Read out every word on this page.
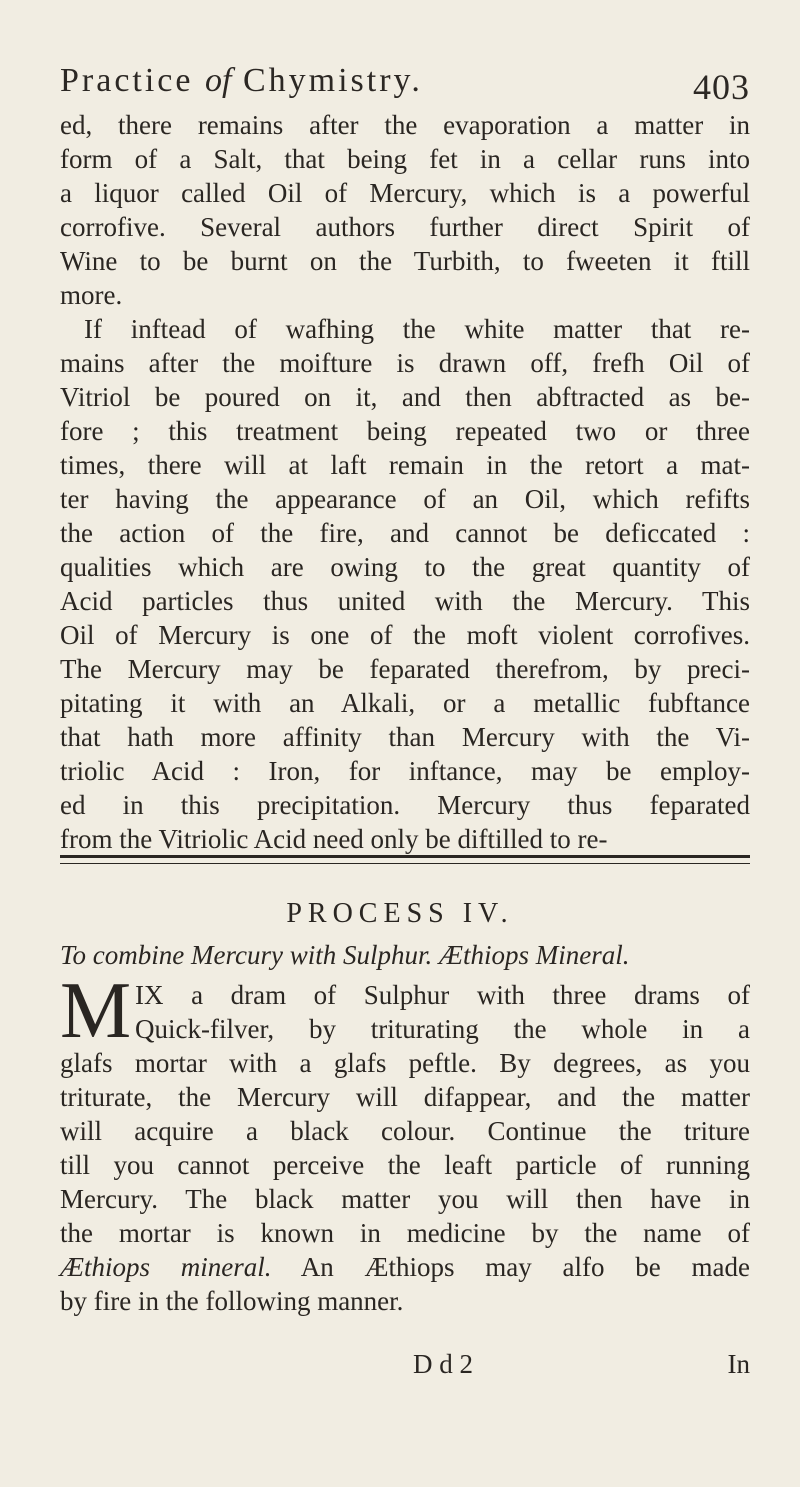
Practice of Chymistry.	403
ed, there remains after the evaporation a matter in
form of a Salt, that being fet in a cellar runs into
a liquor called Oil of Mercury, which is a powerful
corrofive. Several authors further direct Spirit of
Wine to be burnt on the Turbith, to fweeten it ftill
more.
If inftead of wafhing the white matter that re-
mains after the moifture is drawn off, frefh Oil of
Vitriol be poured on it, and then abftracted as be-
fore ; this treatment being repeated two or three
times, there will at laft remain in the retort a mat-
ter having the appearance of an Oil, which refifts
the action of the fire, and cannot be deficcated :
qualities which are owing to the great quantity of
Acid particles thus united with the Mercury. This
Oil of Mercury is one of the moft violent corrofives.
The Mercury may be feparated therefrom, by preci-
pitating it with an Alkali, or a metallic fubftance
that hath more affinity than Mercury with the Vi-
triolic Acid : Iron, for inftance, may be employ-
ed in this precipitation. Mercury thus feparated
from the Vitriolic Acid need only be diftilled to re-
PROCESS IV.
To combine Mercury with Sulphur. Æthiops Mineral.
M IX a dram of Sulphur with three drams of
Quick-filver, by triturating the whole in a
glafs mortar with a glafs peftle. By degrees, as you
triturate, the Mercury will difappear, and the matter
will acquire a black colour. Continue the triture
till you cannot perceive the leaft particle of running
Mercury. The black matter you will then have in
the mortar is known in medicine by the name of
Æthiops mineral. An Æthiops may alfo be made
by fire in the following manner.
D d 2	In
